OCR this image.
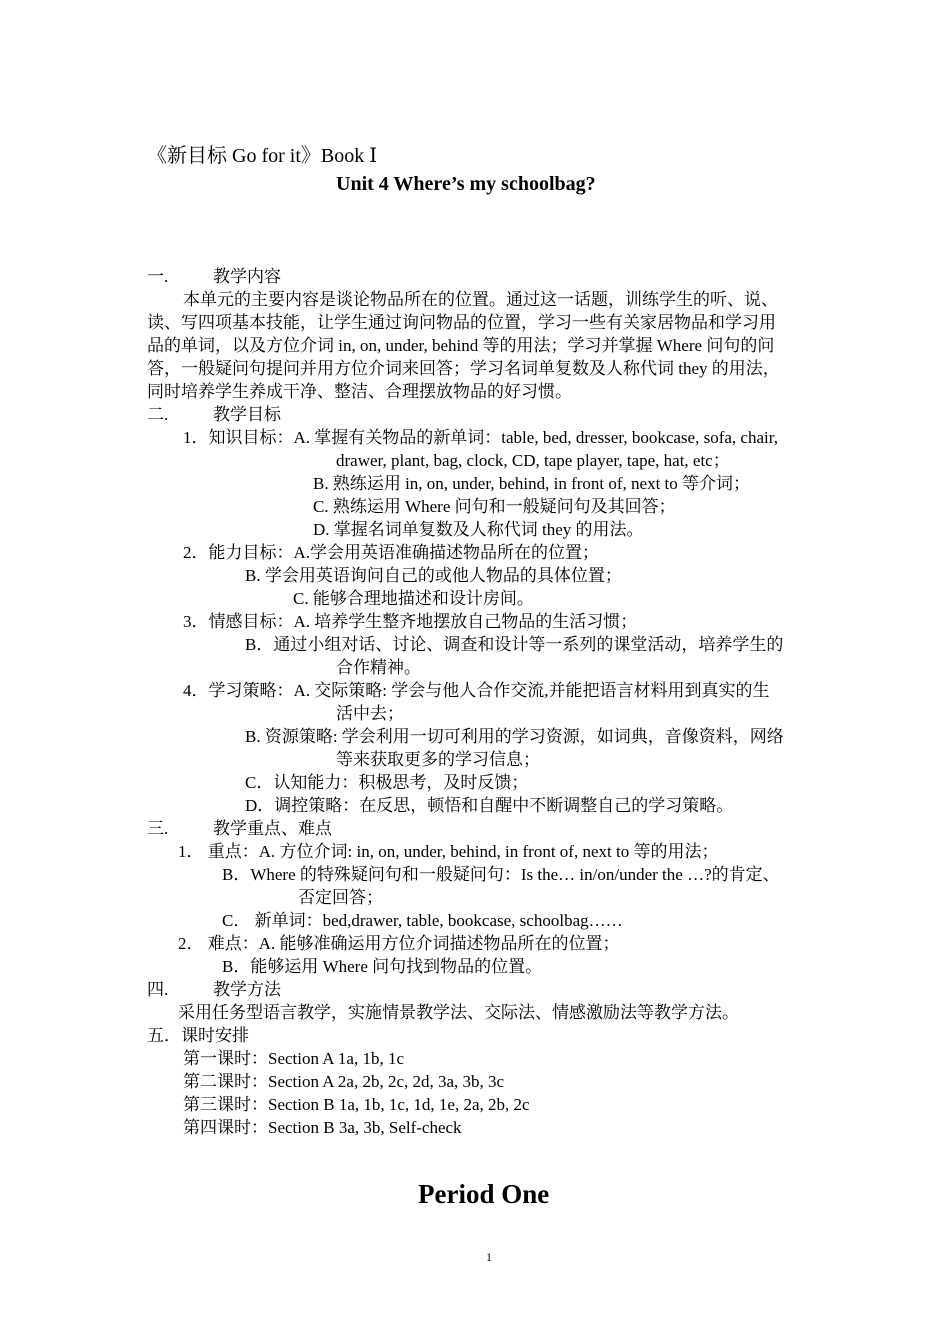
《新目标 Go for it》Book Ⅰ
Unit 4 Where’s my schoolbag?
一.	教学内容
本单元的主要内容是谈论物品所在的位置。通过这一话题，训练学生的听、说、
读、写四项基本技能，让学生通过询问物品的位置，学习一些有关家居物品和学习用
品的单词，以及方位介词 in, on, under, behind 等的用法；学习并掌握 Where 问句的问
答，一般疑问句提问并用方位介词来回答；学习名词单复数及人称代词 they 的用法，
同时培养学生养成干净、整洁、合理摆放物品的好习惯。
二.	教学目标
1．知识目标：A. 掌握有关物品的新单词：table, bed, dresser, bookcase, sofa, chair,
drawer, plant, bag, clock, CD, tape player, tape, hat, etc；
B. 熟练运用 in, on, under, behind, in front of, next to 等介词；
C. 熟练运用 Where 问句和一般疑问句及其回答；
D. 掌握名词单复数及人称代词 they 的用法。
2．能力目标：A.学会用英语准确描述物品所在的位置；
B. 学会用英语询问自己的或他人物品的具体位置；
C. 能够合理地描述和设计房间。
3．情感目标：A. 培养学生整齐地摆放自己物品的生活习惯；
B．通过小组对话、讨论、调查和设计等一系列的课堂活动，培养学生的
合作精神。
4．学习策略：A. 交际策略: 学会与他人合作交流,并能把语言材料用到真实的生
活中去；
B. 资源策略: 学会利用一切可利用的学习资源，如词典，音像资料，网络
等来获取更多的学习信息；
C．认知能力：积极思考，及时反馈；
D．调控策略：在反思，顿悟和自醒中不断调整自己的学习策略。
三.	教学重点、难点
1． 重点：A. 方位介词: in, on, under, behind, in front of, next to 等的用法；
B．Where 的特殊疑问句和一般疑问句：Is the… in/on/under the …?的肯定、
否定回答；
C． 新单词：bed,drawer, table, bookcase, schoolbag……
2． 难点：A. 能够准确运用方位介词描述物品所在的位置；
B．能够运用 Where 问句找到物品的位置。
四.	教学方法
采用任务型语言教学，实施情景教学法、交际法、情感激励法等教学方法。
五．课时安排
第一课时：Section A 1a, 1b, 1c
第二课时：Section A 2a, 2b, 2c, 2d, 3a, 3b, 3c
第三课时：Section B 1a, 1b, 1c, 1d, 1e, 2a, 2b, 2c
第四课时：Section B 3a, 3b, Self-check
Period One
1
